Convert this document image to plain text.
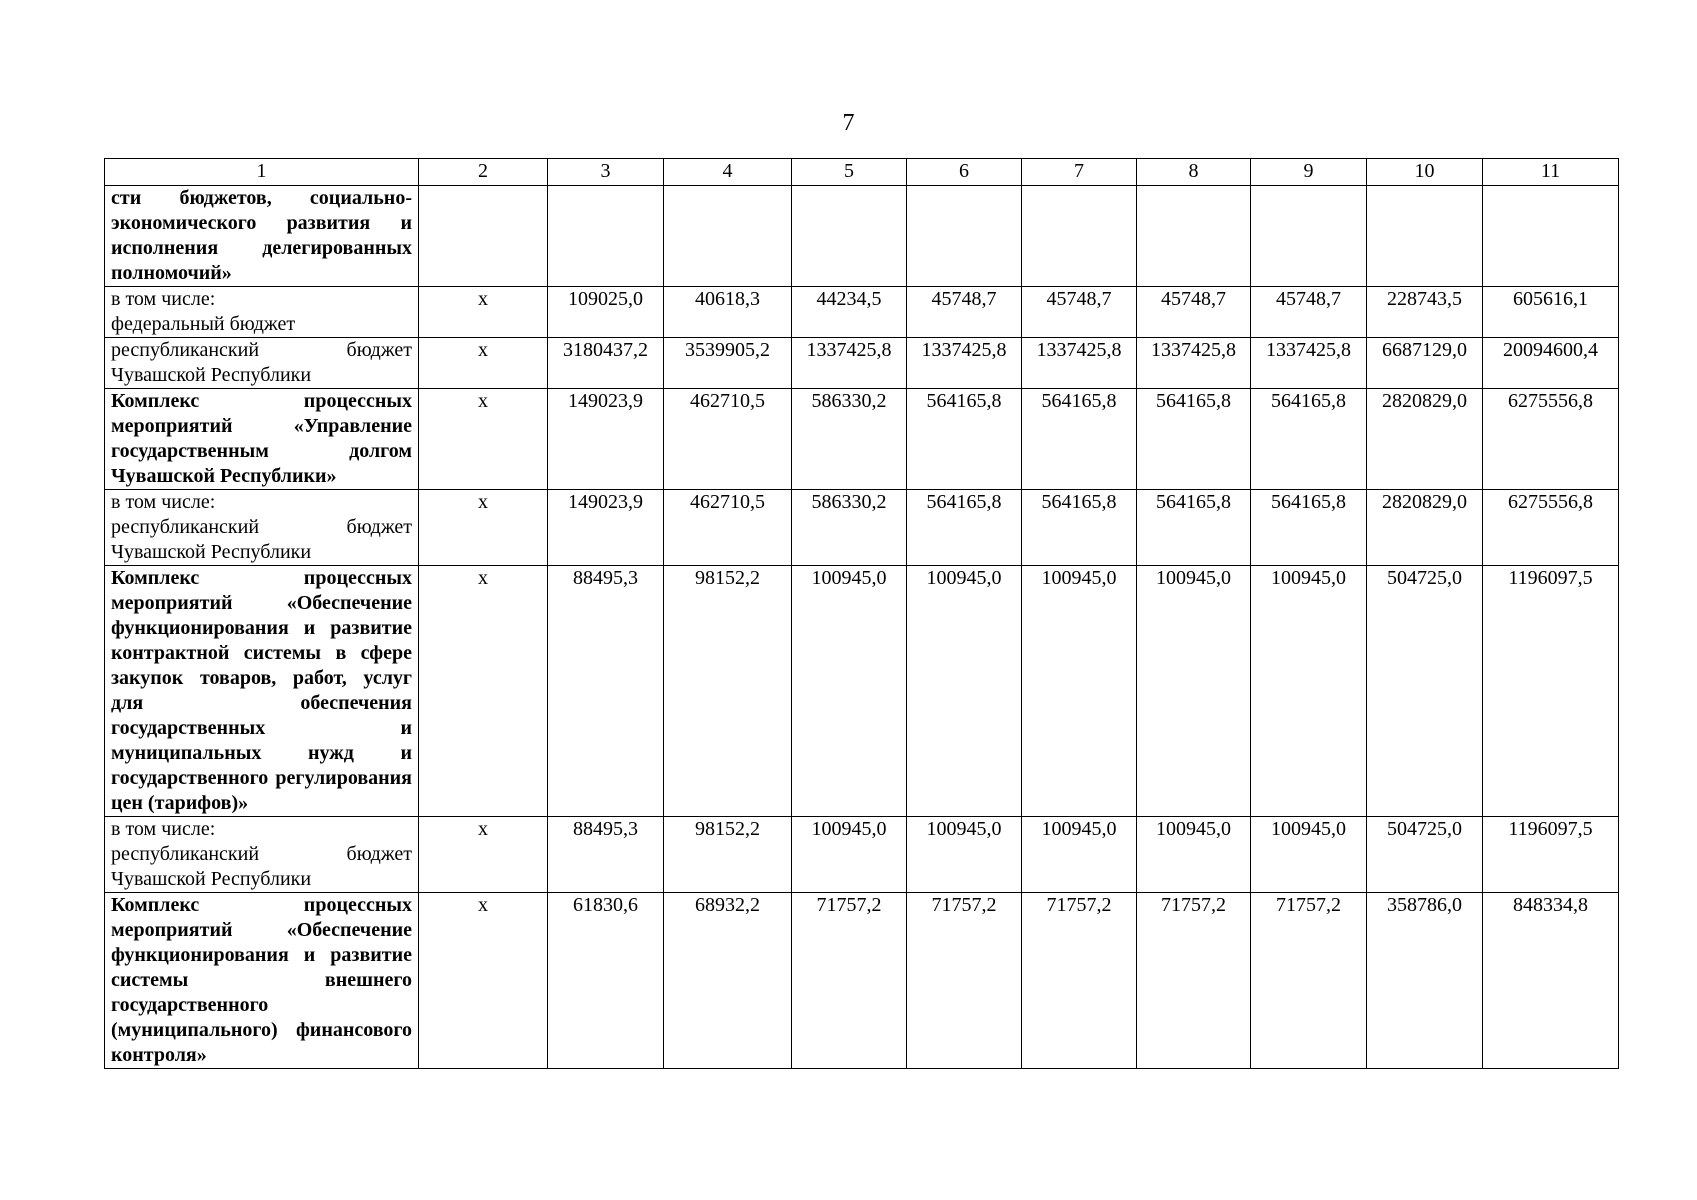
7
1	2	3	4	5	6	7	8	9	10	11
сти бюджетов, социально-экономического развития и исполнения делегированных полномочий»										

в том числе:
федеральный бюджет	х	109025,0	40618,3	44234,5	45748,7	45748,7	45748,7	45748,7	228743,5	605616,1
республиканский бюджет Чувашской Республики	х	3180437,2	3539905,2	1337425,8	1337425,8	1337425,8	1337425,8	1337425,8	6687129,0	20094600,4
Комплекс процессных мероприятий «Управление государственным долгом Чувашской Республики»	х	149023,9	462710,5	586330,2	564165,8	564165,8	564165,8	564165,8	2820829,0	6275556,8

в том числе:
республиканский бюджет Чувашской Республики	х	149023,9	462710,5	586330,2	564165,8	564165,8	564165,8	564165,8	2820829,0	6275556,8
Комплекс процессных мероприятий «Обеспечение функционирования и развитие контрактной системы в сфере закупок товаров, работ, услуг для обеспечения государственных и муниципальных нужд и государственного регулирования цен (тарифов)»	х	88495,3	98152,2	100945,0	100945,0	100945,0	100945,0	100945,0	504725,0	1196097,5

в том числе:
республиканский бюджет Чувашской Республики	х	88495,3	98152,2	100945,0	100945,0	100945,0	100945,0	100945,0	504725,0	1196097,5
Комплекс процессных мероприятий «Обеспечение функционирования и развитие системы внешнего государственного (муниципального) финансового контроля»	х	61830,6	68932,2	71757,2	71757,2	71757,2	71757,2	71757,2	358786,0	848334,8
